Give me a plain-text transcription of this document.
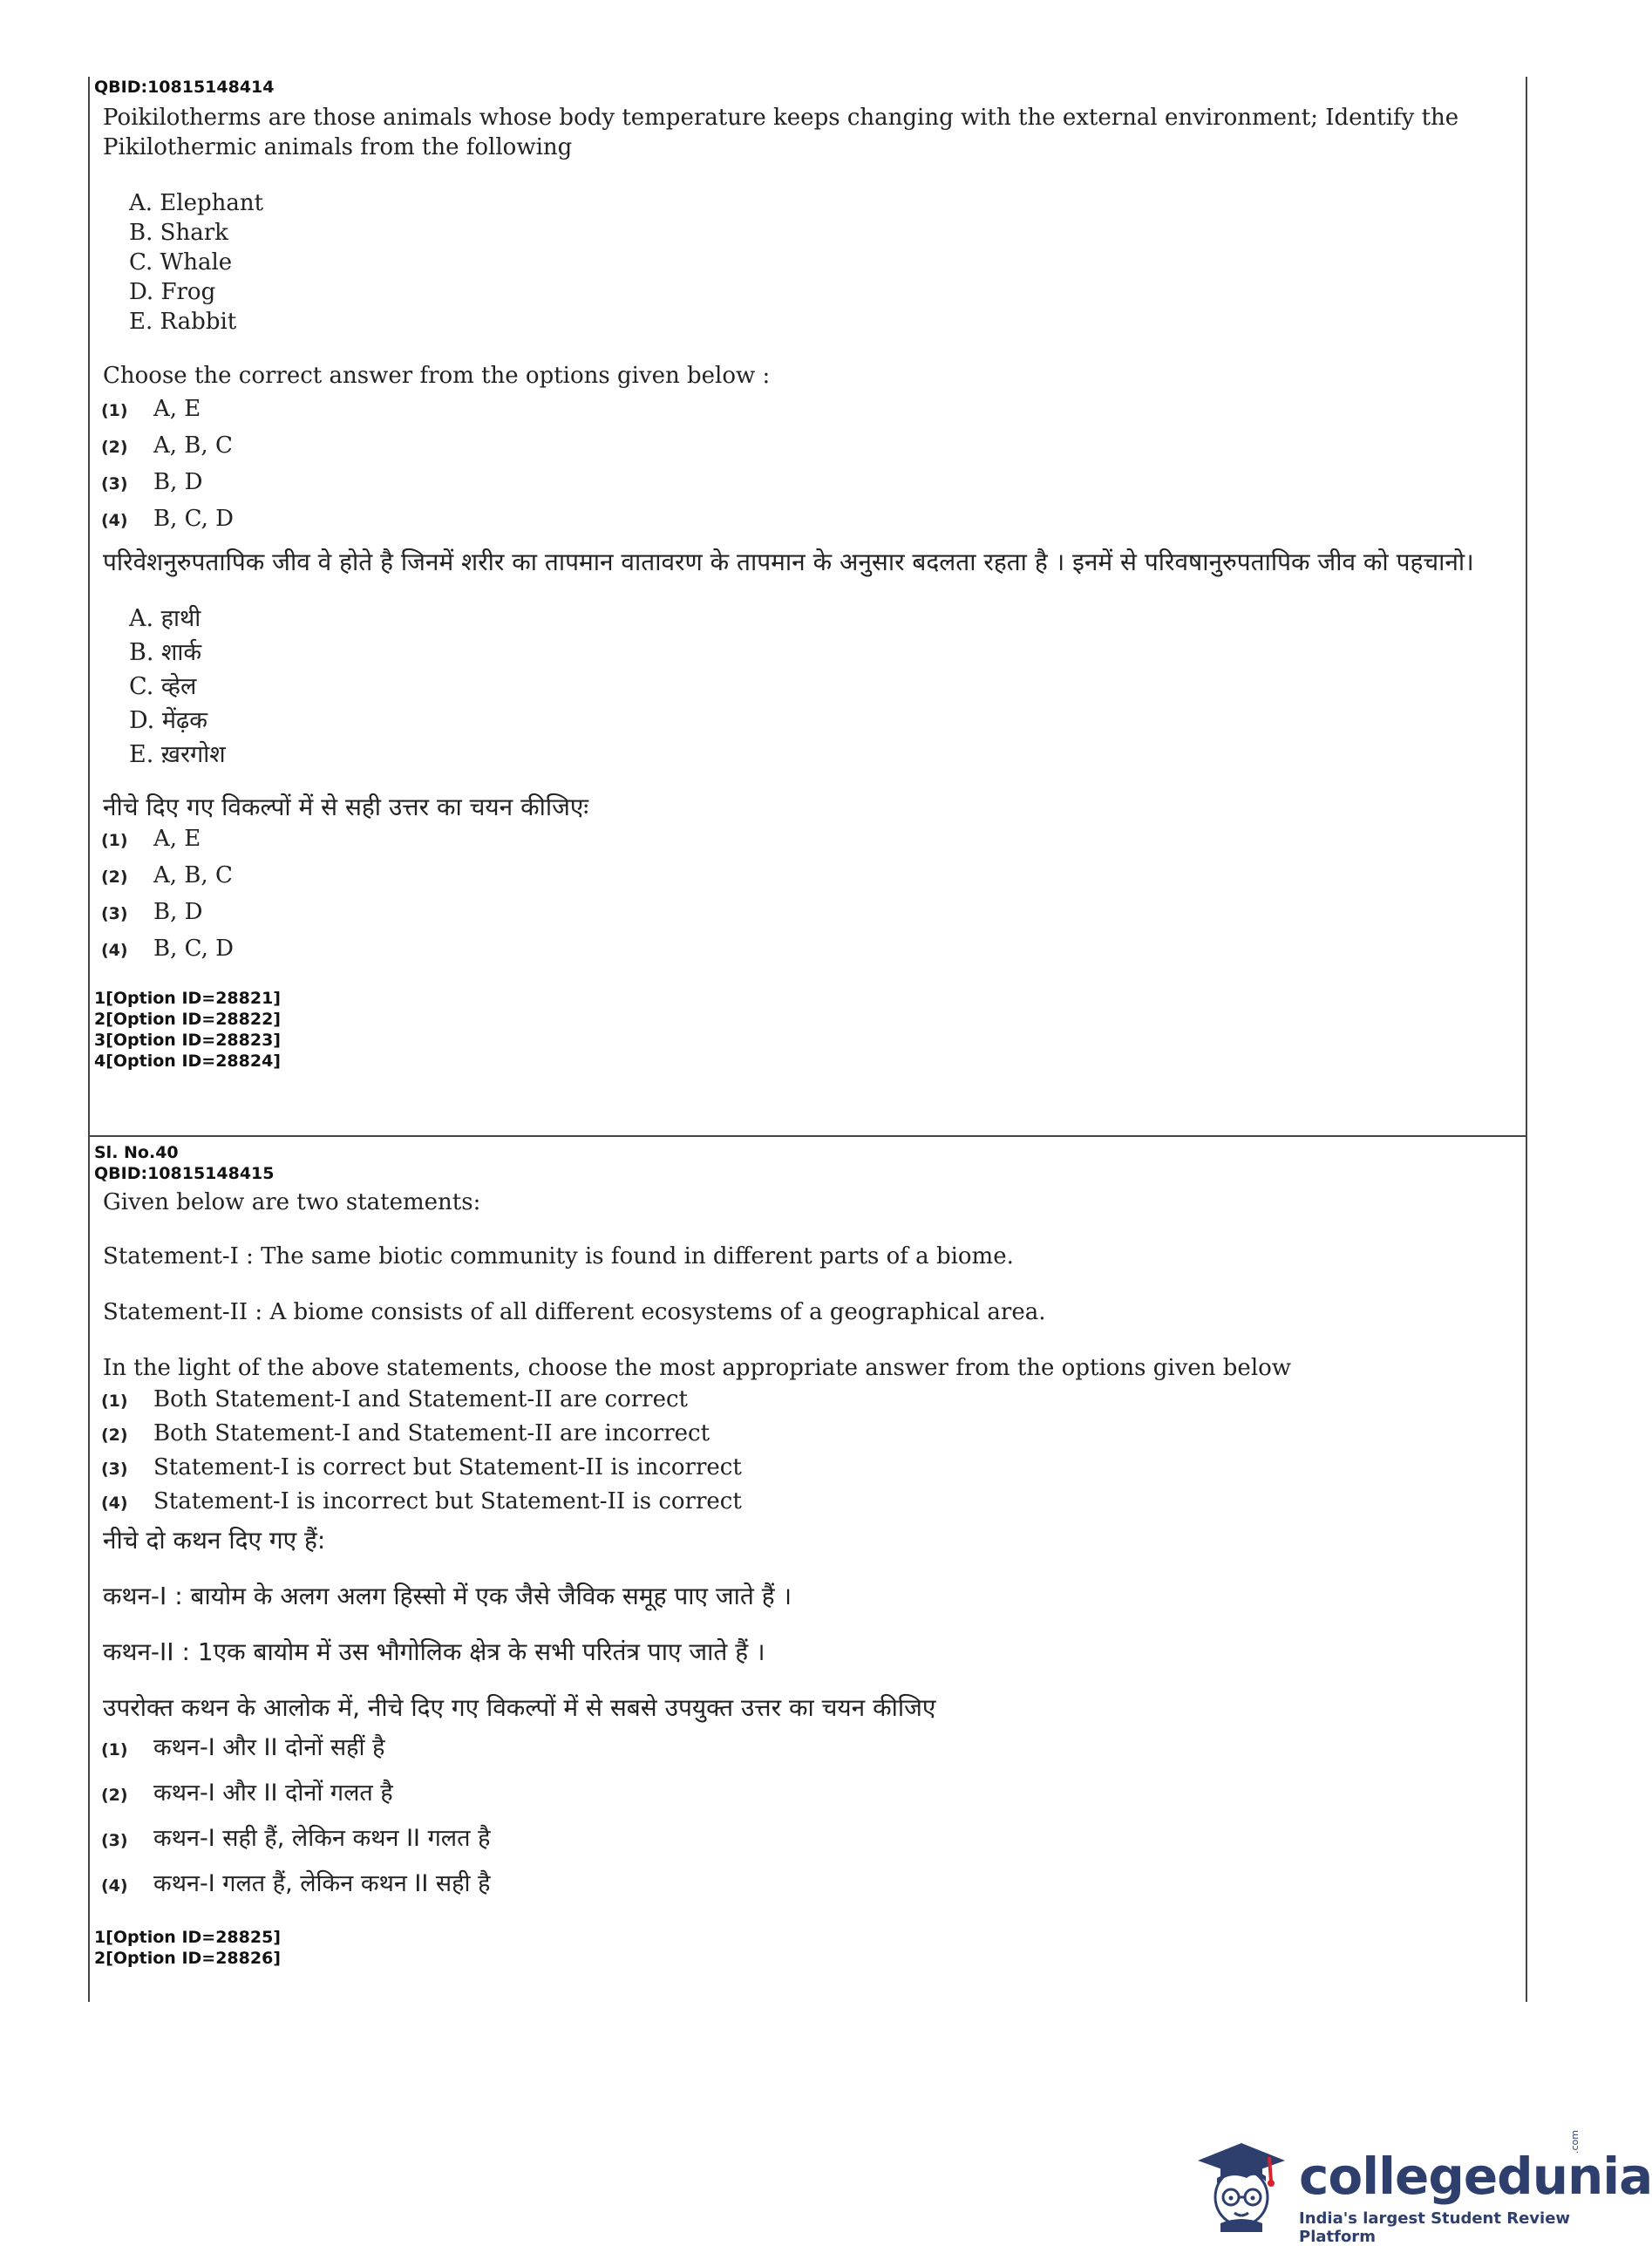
QBID:10815148414

Poikilotherms are those animals whose body temperature keeps changing with the external environment; Identify the Pikilothermic animals from the following

A. Elephant
B. Shark
C. Whale
D. Frog
E. Rabbit

Choose the correct answer from the options given below :

(1)	A, E
(2)	A, B, C
(3)	B, D
(4)	B, C, D

परिवेशनुरुपतापिक जीव वे होते है जिनमें शरीर का तापमान वातावरण के तापमान के अनुसार बदलता रहता है । इनमें से परिवषानुरुपतापिक जीव को पहचानो।

A. हाथी
B. शार्क
C. व्हेल
D. मेंढ़क
E. ख़रगोश

नीचे दिए गए विकल्पों में से सही उत्तर का चयन कीजिएः

(1)	A, E
(2)	A, B, C
(3)	B, D
(4)	B, C, D
1[Option ID=28821]
2[Option ID=28822]
3[Option ID=28823]
4[Option ID=28824]
Sl. No.40
QBID:10815148415

Given below are two statements:

Statement-I : The same biotic community is found in different parts of a biome.

Statement-II : A biome consists of all different ecosystems of a geographical area.

In the light of the above statements, choose the most appropriate answer from the options given below

(1)	Both Statement-I and Statement-II are correct
(2)	Both Statement-I and Statement-II are incorrect
(3)	Statement-I is correct but Statement-II is incorrect
(4)	Statement-I is incorrect but Statement-II is correct

नीचे दो कथन दिए गए हैं:

कथन-I : बायोम के अलग अलग हिस्सो में एक जैसे जैविक समूह पाए जाते हैं ।

कथन-II : 1एक बायोम में उस भौगोलिक क्षेत्र के सभी परितंत्र पाए जाते हैं ।

उपरोक्त कथन के आलोक में, नीचे दिए गए विकल्पों में से सबसे उपयुक्त उत्तर का चयन कीजिए

(1)	कथन-I और II दोनों सहीं है
(2)	कथन-I और II दोनों गलत है
(3)	कथन-I सही हैं, लेकिन कथन II गलत है
(4)	कथन-I गलत हैं, लेकिन कथन II सही है
1[Option ID=28825]
2[Option ID=28826]
collegedunia
.com
India's largest Student Review Platform
